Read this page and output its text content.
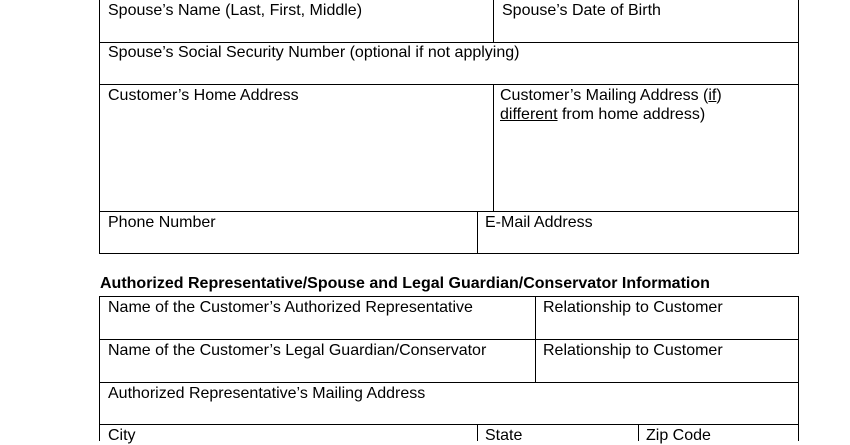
Spouse’s Name (Last, First, Middle)	Spouse’s Date of Birth
Spouse’s Social Security Number (optional if not applying)
Customer’s Home Address	Customer’s Mailing Address (if)
different from home address)
Phone Number	E-Mail Address
Authorized Representative/Spouse and Legal Guardian/Conservator Information
Name of the Customer’s Authorized Representative	Relationship to Customer
Name of the Customer’s Legal Guardian/Conservator	Relationship to Customer
Authorized Representative’s Mailing Address
City	State	Zip Code
